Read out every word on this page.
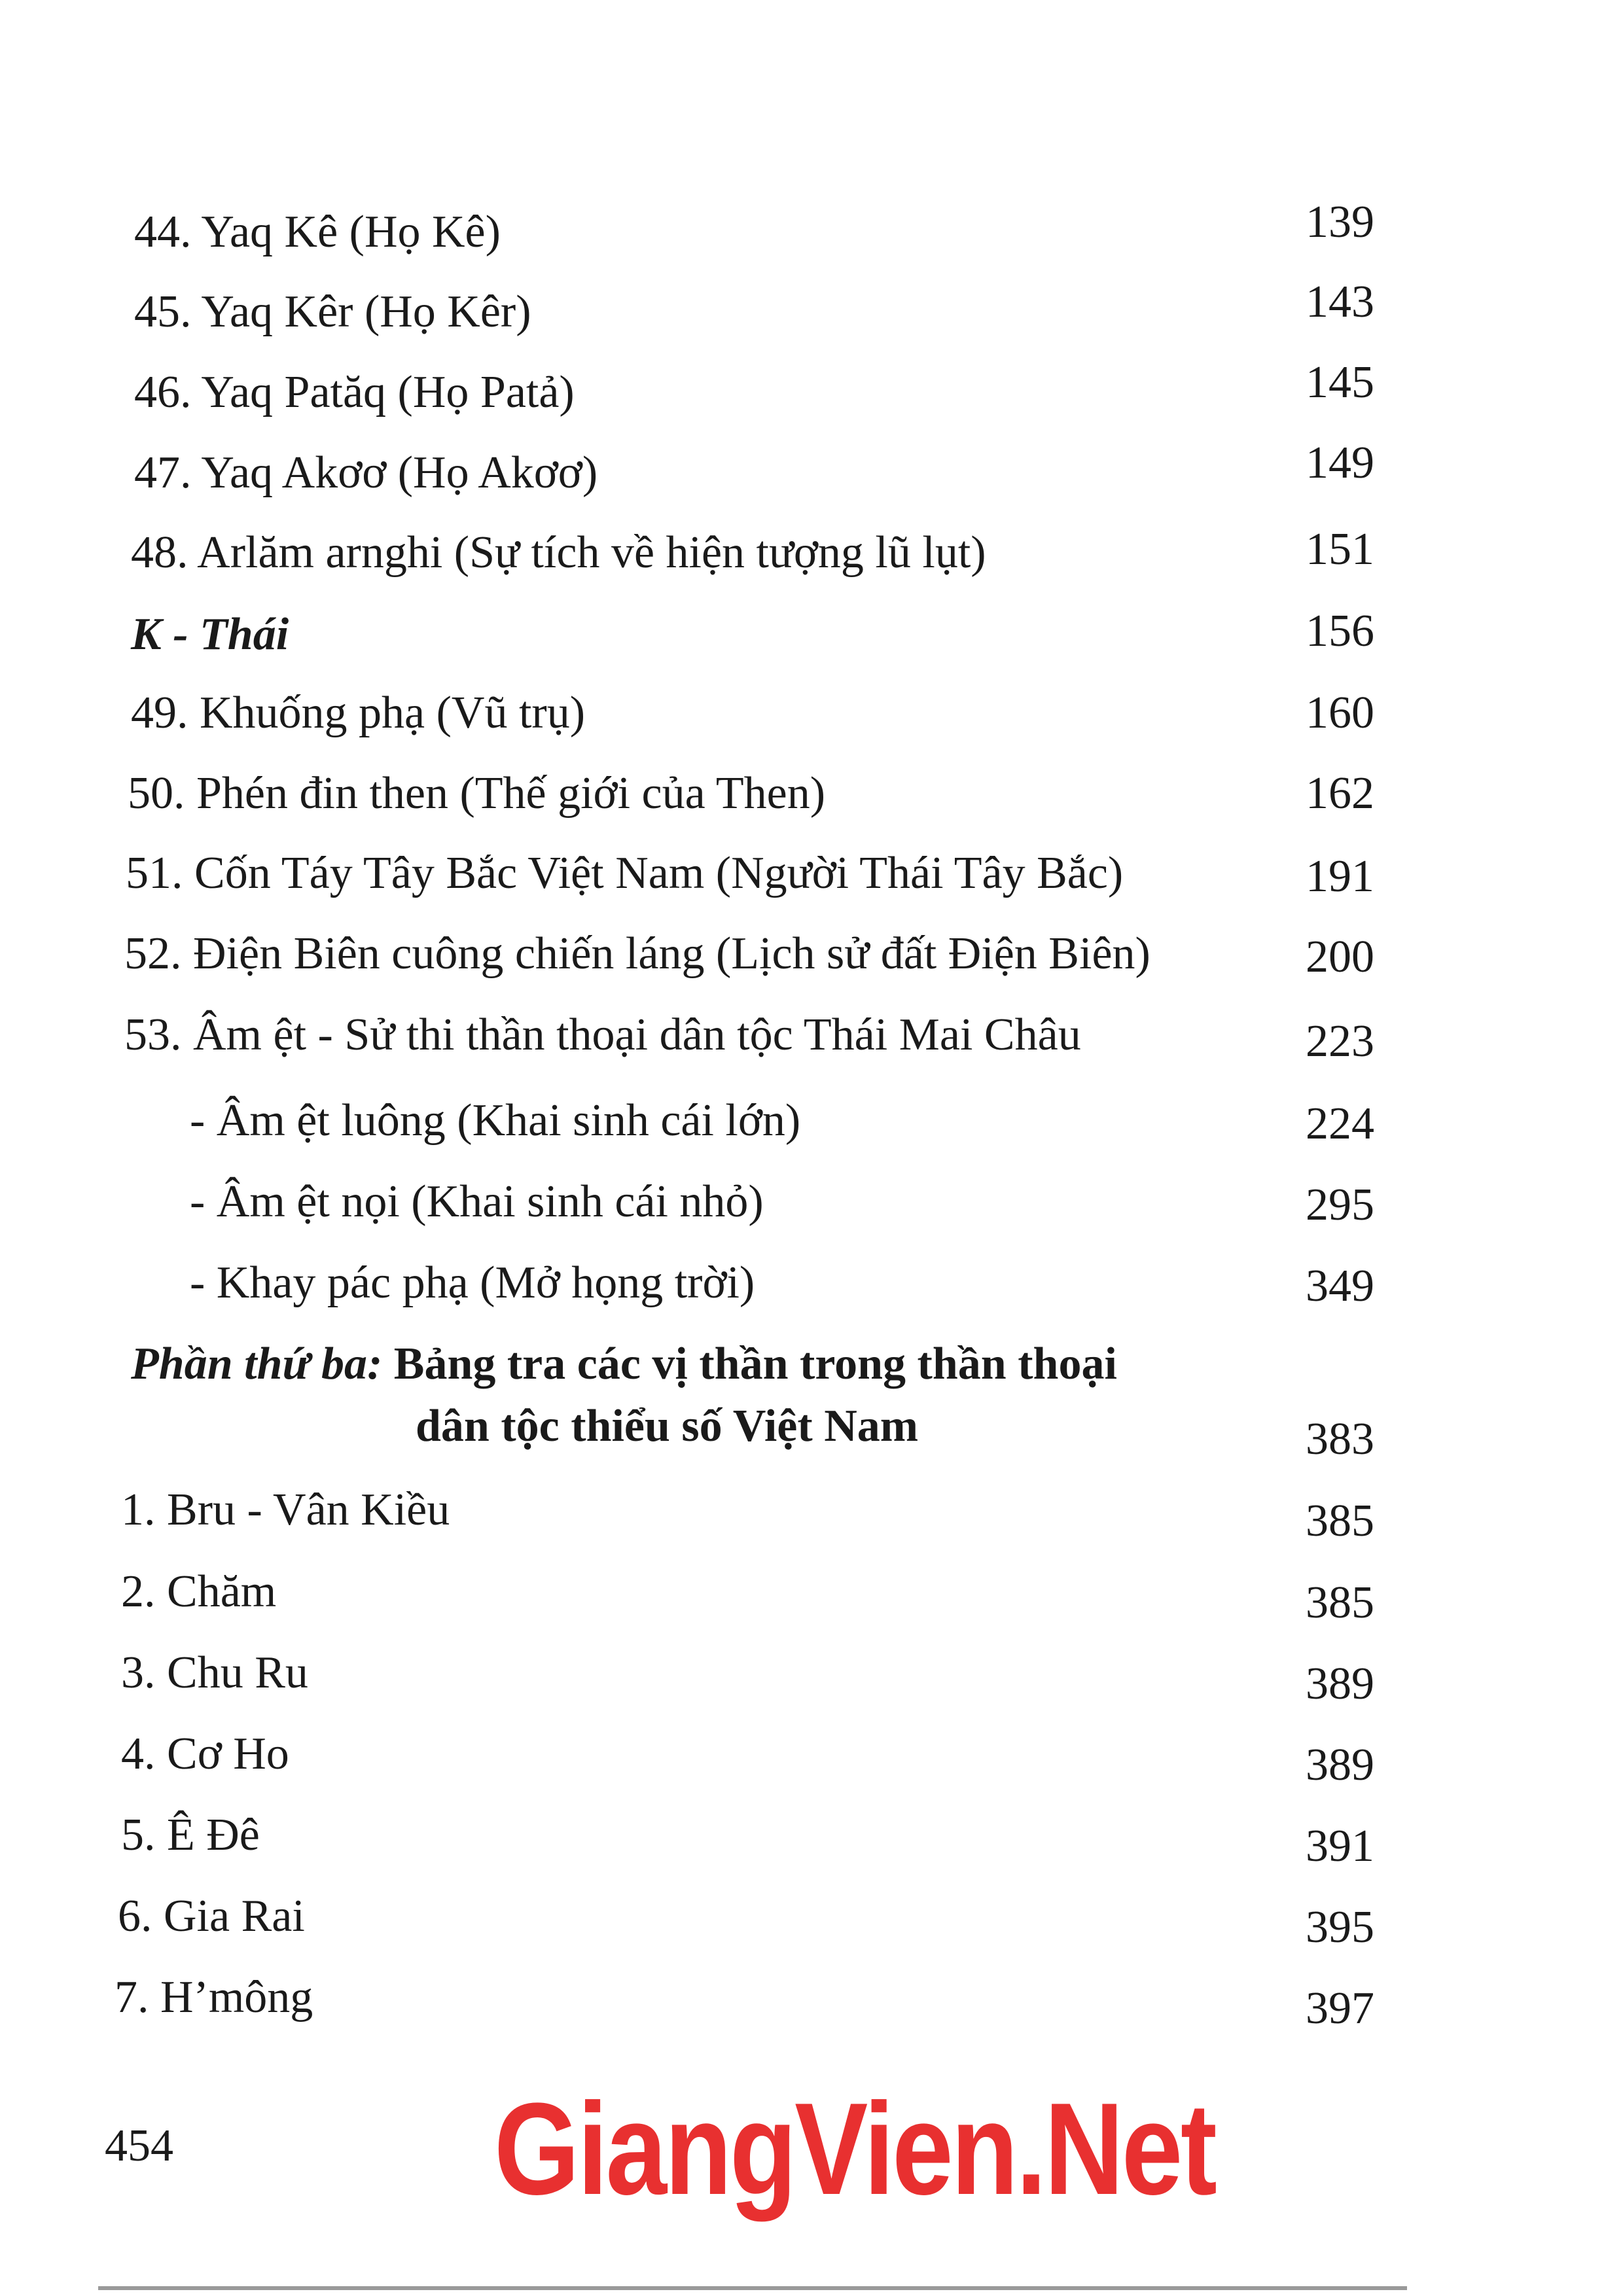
44. Yaq Kê (Họ Kê)	139
45. Yaq Kêr (Họ Kêr)	143
46. Yaq Patăq (Họ Patả)	145
47. Yaq Akơơ (Họ Akơơ)	149
48. Arlăm arnghi (Sự tích về hiện tượng lũ lụt)	151
K - Thái	156
49. Khuống phạ (Vũ trụ)	160
50. Phén đin then (Thế giới của Then)	162
51. Cốn Táy Tây Bắc Việt Nam (Người Thái Tây Bắc)	191
52. Điện Biên cuông chiến láng (Lịch sử đất Điện Biên)	200
53. Âm ệt - Sử thi thần thoại dân tộc Thái Mai Châu	223
- Âm ệt luông (Khai sinh cái lớn)	224
- Âm ệt nọi (Khai sinh cái nhỏ)	295
- Khay pác phạ (Mở họng trời)	349
Phần thứ ba: Bảng tra các vị thần trong thần thoại
dân tộc thiểu số Việt Nam	383
1. Bru - Vân Kiều	385
2. Chăm	385
3. Chu Ru	389
4. Cơ Ho	389
5. Ê Đê	391
6. Gia Rai	395
7. H’mông	397
454 GiangVien.Net
